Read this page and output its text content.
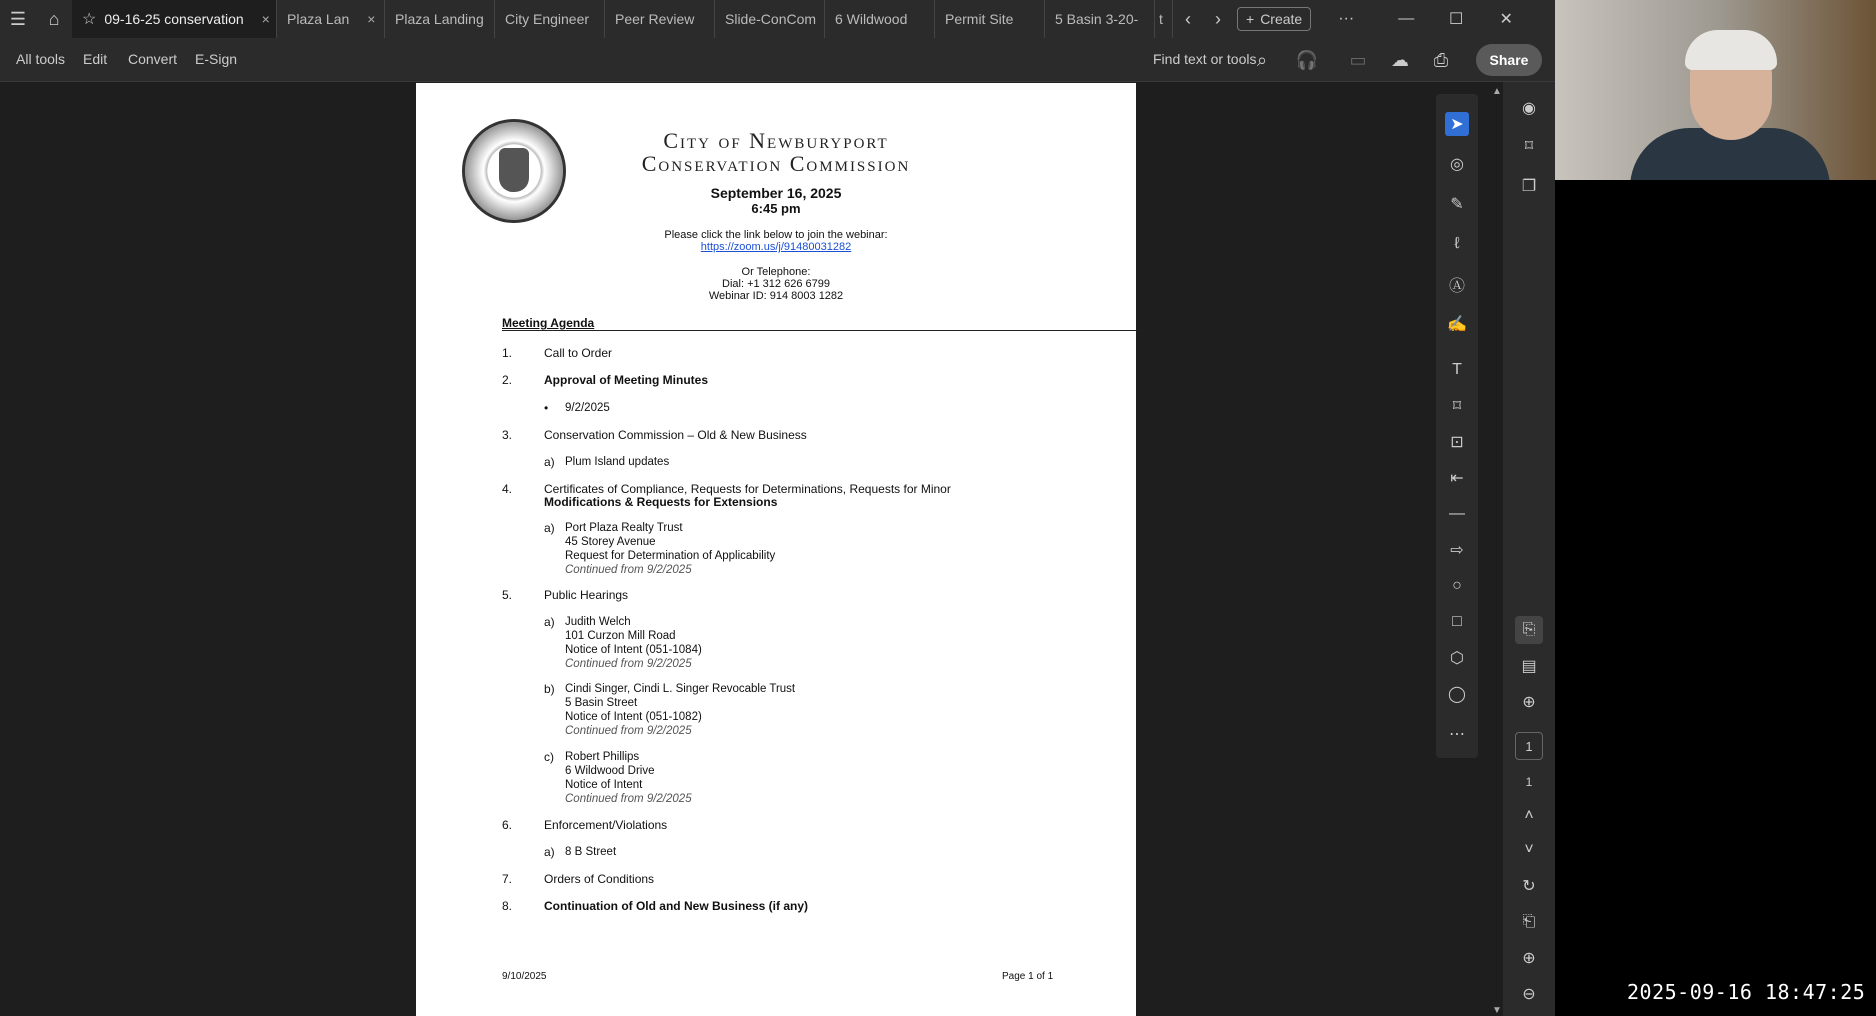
☰	⌂	☆ 09-16-25 conservation × Plaza Lan × Plaza Landing City Engineer Peer Review Slide-ConCom 6 Wildwood	Permit Site	5 Basin 3-20- t	‹	›	+ Create	···	—	☐	✕
All tools Edit Convert E-Sign	Find text or tools ⌕	🎧 ▭ ☁ ⎙	Share
City of Newburyport
Conservation Commission
September 16, 2025
6:45 pm
Please click the link below to join the webinar:
https://zoom.us/j/91480031282
Or Telephone:
Dial: +1 312 626 6799
Webinar ID: 914 8003 1282
Meeting Agenda
1.	Call to Order
2.	Approval of Meeting Minutes
• 9/2/2025
3.	Conservation Commission – Old & New Business
a) Plum Island updates
4.	Certificates of Compliance, Requests for Determinations, Requests for Minor
Modifications & Requests for Extensions
a) Port Plaza Realty Trust
45 Storey Avenue
Request for Determination of Applicability
Continued from 9/2/2025
5.	Public Hearings
a) Judith Welch
101 Curzon Mill Road
Notice of Intent (051-1084)
Continued from 9/2/2025
b) Cindi Singer, Cindi L. Singer Revocable Trust
5 Basin Street
Notice of Intent (051-1082)
Continued from 9/2/2025
c) Robert Phillips
6 Wildwood Drive
Notice of Intent
Continued from 9/2/2025
6.	Enforcement/Violations
a) 8 B Street
7.	Orders of Conditions
8.	Continuation of Old and New Business (if any)
9/10/2025	Page 1 of 1
▲
▼
➤
◎
✎
ℓ
Ⓐ
✍
T
⌑
⊡
⇤
—
⇨
○
□
⬡
◯
⋯
◉
⌑
❐
⎘
▤
⊕
1
1
˄
˅
↻
⎗
⊕
⊖	2025-09-16 18:47:25
